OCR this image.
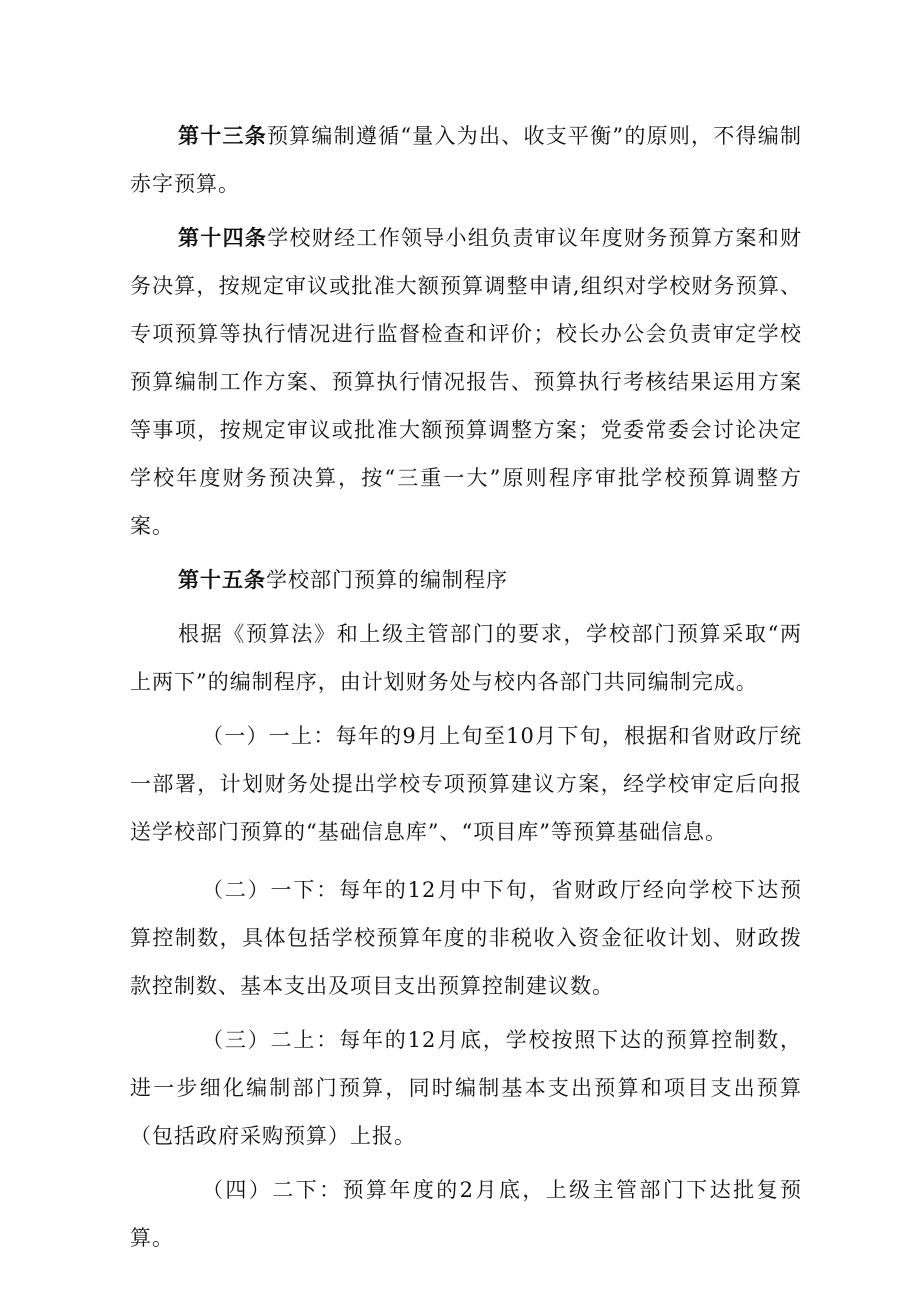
第十三条预算编制遵循“量入为出、收支平衡”的原则，不得编制赤字预算。

第十四条学校财经工作领导小组负责审议年度财务预算方案和财务决算，按规定审议或批准大额预算调整申请,组织对学校财务预算、专项预算等执行情况进行监督检查和评价；校长办公会负责审定学校预算编制工作方案、预算执行情况报告、预算执行考核结果运用方案等事项，按规定审议或批准大额预算调整方案；党委常委会讨论决定学校年度财务预决算，按“三重一大”原则程序审批学校预算调整方案。

第十五条学校部门预算的编制程序

根据《预算法》和上级主管部门的要求，学校部门预算采取“两上两下”的编制程序，由计划财务处与校内各部门共同编制完成。

（一）一上：每年的9月上旬至10月下旬，根据和省财政厅统一部署，计划财务处提出学校专项预算建议方案，经学校审定后向报送学校部门预算的“基础信息库”、“项目库”等预算基础信息。

（二）一下：每年的12月中下旬，省财政厅经向学校下达预算控制数，具体包括学校预算年度的非税收入资金征收计划、财政拨款控制数、基本支出及项目支出预算控制建议数。

（三）二上：每年的12月底，学校按照下达的预算控制数，进一步细化编制部门预算，同时编制基本支出预算和项目支出预算（包括政府采购预算）上报。

（四）二下：预算年度的2月底，上级主管部门下达批复预算。
